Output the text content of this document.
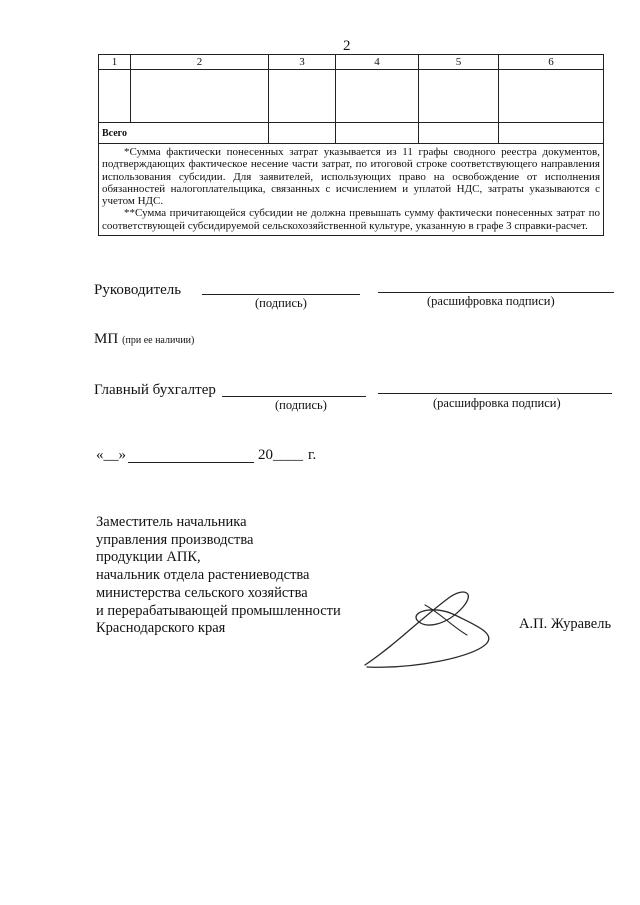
2
1	2	3	4	5	6

Всего					

*Сумма фактически понесенных затрат указывается из 11 графы сводного реестра документов, подтверждающих фактическое несение части затрат, по итоговой строке соответствующего направления использования субсидии. Для заявителей, использующих право на освобождение от исполнения обязанностей налогоплательщика, связанных с исчислением и уплатой НДС, затраты указываются с учетом НДС.
**Сумма причитающейся субсидии не должна превышать сумму фактически понесенных затрат по соответствующей субсидируемой сельскохозяйственной культуре, указанную в графе 3 справки-расчет.					
Руководитель
(подпись)	(расшифровка подписи)
МП (при ее наличии)
Главный бухгалтер
(подпись)	(расшифровка подписи)
«__»	20____ г.
Заместитель начальника
управления производства
продукции АПК,
начальник отдела растениеводства
министерства сельского хозяйства
и перерабатывающей промышленности
Краснодарского края	А.П. Журавель
